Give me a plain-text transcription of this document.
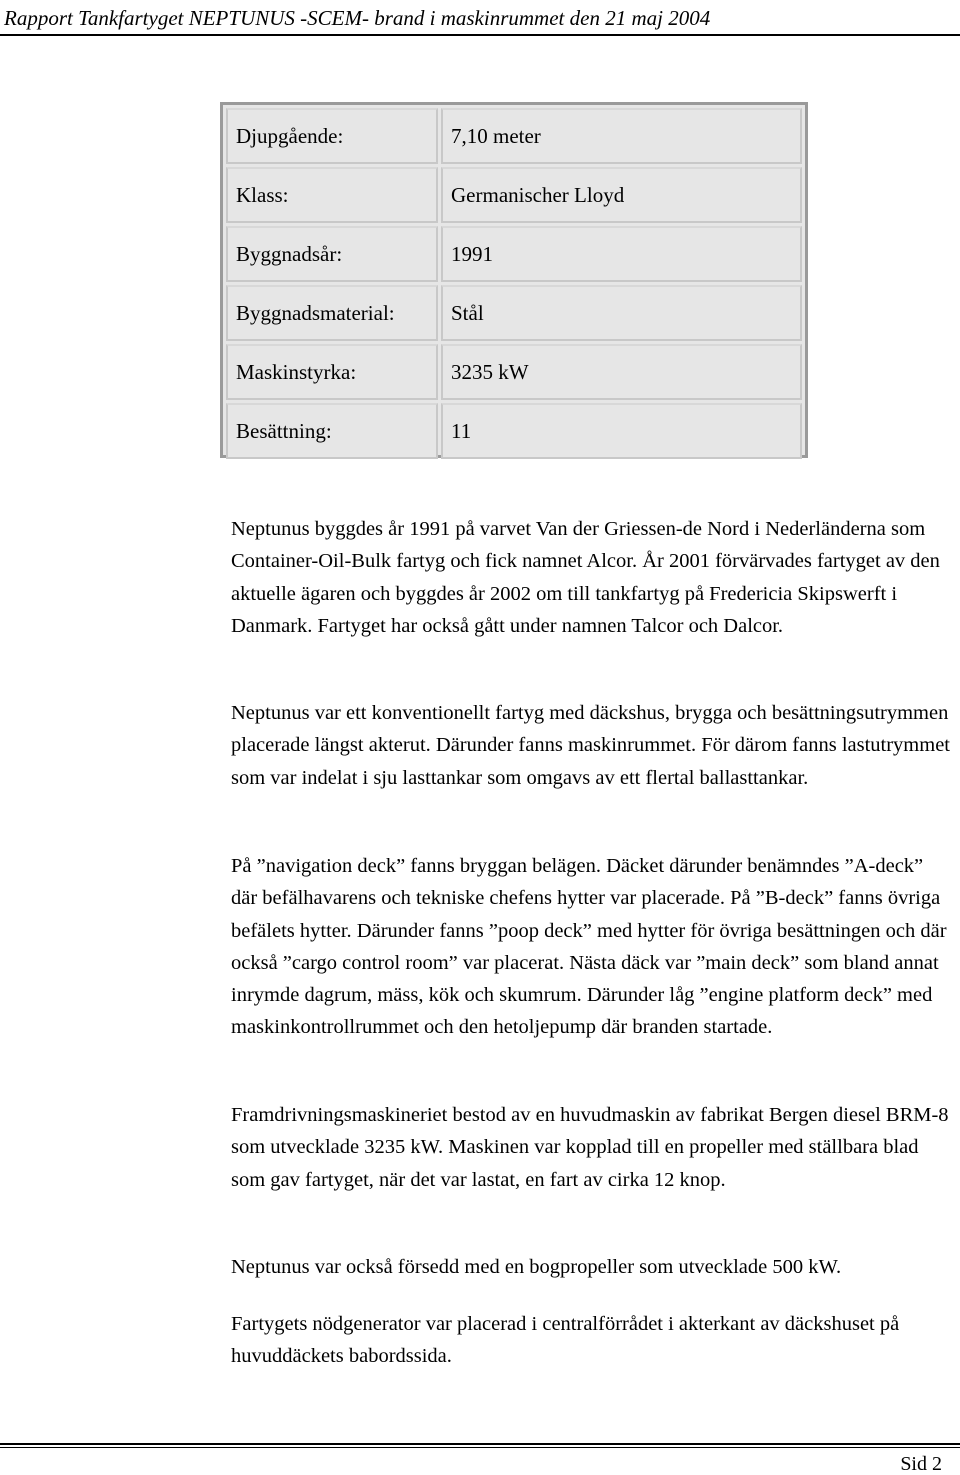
Rapport Tankfartyget NEPTUNUS -SCEM- brand i maskinrummet den 21 maj 2004
Djupgående:	7,10 meter
Klass:	Germanischer Lloyd
Byggnadsår:	1991
Byggnadsmaterial:	Stål
Maskinstyrka:	3235 kW
Besättning:	11

Neptunus byggdes år 1991 på varvet Van der Griessen-de Nord i Nederländerna som Container-Oil-Bulk fartyg och fick namnet Alcor. År 2001 förvärvades fartyget av den aktuelle ägaren och byggdes år 2002 om till tankfartyg på Fredericia Skipswerft i Danmark. Fartyget har också gått under namnen Talcor och Dalcor.

Neptunus var ett konventionellt fartyg med däckshus, brygga och besättningsutrymmen placerade längst akterut. Därunder fanns maskinrummet. För därom fanns lastutrymmet som var indelat i sju lasttankar som omgavs av ett flertal ballasttankar.

På ”navigation deck” fanns bryggan belägen. Däcket därunder benämndes ”A-deck” där befälhavarens och tekniske chefens hytter var placerade. På ”B-deck” fanns övriga befälets hytter. Därunder fanns ”poop deck” med hytter för övriga besättningen och där också ”cargo control room” var placerat. Nästa däck var ”main deck” som bland annat inrymde dagrum, mäss, kök och skumrum. Därunder låg ”engine platform deck” med maskinkontrollrummet och den hetoljepump där branden startade.

Framdrivningsmaskineriet bestod av en huvudmaskin av fabrikat Bergen diesel BRM-8 som utvecklade 3235 kW. Maskinen var kopplad till en propeller med ställbara blad som gav fartyget, när det var lastat, en fart av cirka 12 knop.

Neptunus var också försedd med en bogpropeller som utvecklade 500 kW.

Fartygets nödgenerator var placerad i centralförrådet i akterkant av däckshuset på huvuddäckets babordssida.

Sid 2
